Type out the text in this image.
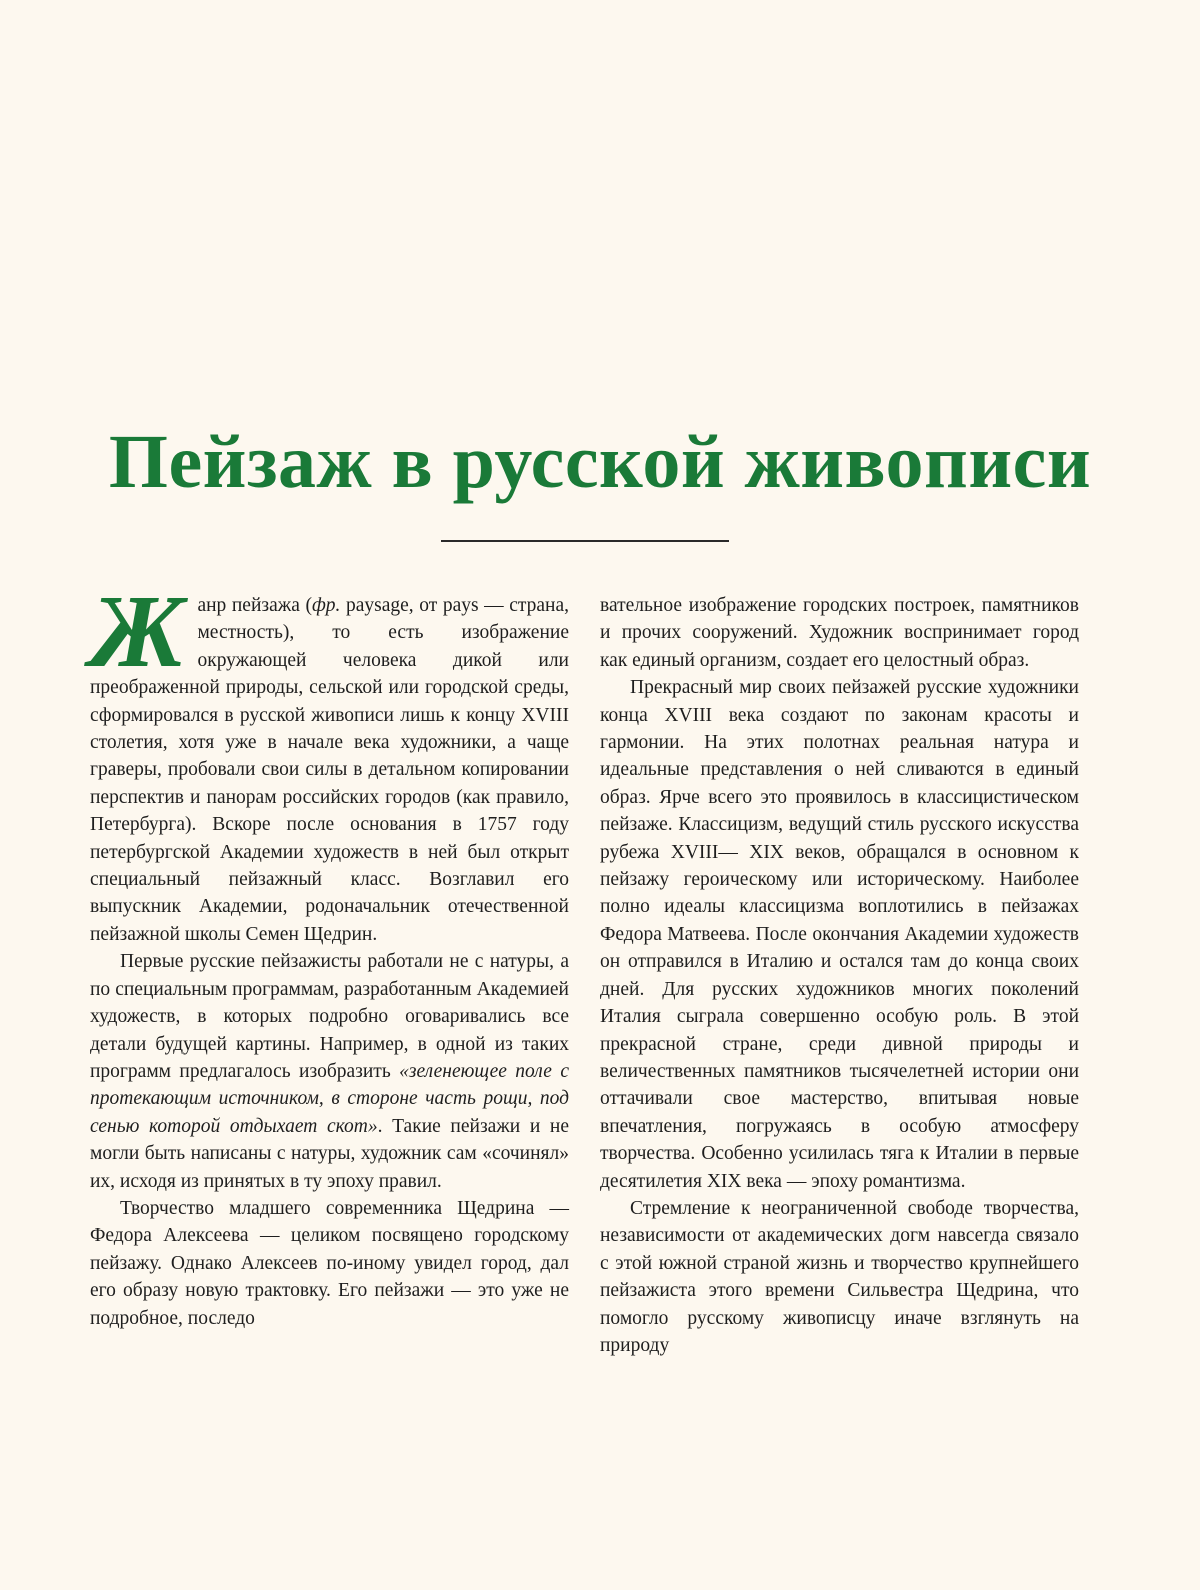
Пейзаж в русской живописи

Жанр пейзажа (фр. paysage, от pays — страна, местность), то есть изображение окружающей человека дикой или преображенной природы, сельской или городской среды, сформировался в русской живописи лишь к концу XVIII столетия, хотя уже в начале века художники, а чаще граверы, пробовали свои силы в детальном копировании перспектив и панорам российских городов (как правило, Петербурга). Вскоре после основания в 1757 году петербургской Академии художеств в ней был открыт специальный пейзажный класс. Возглавил его выпускник Академии, родоначальник отечественной пейзажной школы Семен Щедрин.

Первые русские пейзажисты работали не с натуры, а по специальным программам, разработанным Академией художеств, в которых подробно оговаривались все детали будущей картины. Например, в одной из таких программ предлагалось изобразить «зеленеющее поле с протекающим источником, в стороне часть рощи, под сенью которой отдыхает скот». Такие пейзажи и не могли быть написаны с натуры, художник сам «сочинял» их, исходя из принятых в ту эпоху правил.

Творчество младшего современника Щедрина — Федора Алексеева — целиком посвящено городскому пейзажу. Однако Алексеев по-иному увидел город, дал его образу новую трактовку. Его пейзажи — это уже не подробное, последо

вательное изображение городских построек, памятников и прочих сооружений. Художник воспринимает город как единый организм, создает его целостный образ.

Прекрасный мир своих пейзажей русские художники конца XVIII века создают по законам красоты и гармонии. На этих полотнах реальная натура и идеальные представления о ней сливаются в единый образ. Ярче всего это проявилось в классицистическом пейзаже. Классицизм, ведущий стиль русского искусства рубежа XVIII— XIX веков, обращался в основном к пейзажу героическому или историческому. Наиболее полно идеалы классицизма воплотились в пейзажах Федора Матвеева. После окончания Академии художеств он отправился в Италию и остался там до конца своих дней. Для русских художников многих поколений Италия сыграла совершенно особую роль. В этой прекрасной стране, среди дивной природы и величественных памятников тысячелетней истории они оттачивали свое мастерство, впитывая новые впечатления, погружаясь в особую атмосферу творчества. Особенно усилилась тяга к Италии в первые десятилетия XIX века — эпоху романтизма.

Стремление к неограниченной свободе творчества, независимости от академических догм навсегда связало с этой южной страной жизнь и творчество крупнейшего пейзажиста этого времени Сильвестра Щедрина, что помогло русскому живописцу иначе взглянуть на природу
